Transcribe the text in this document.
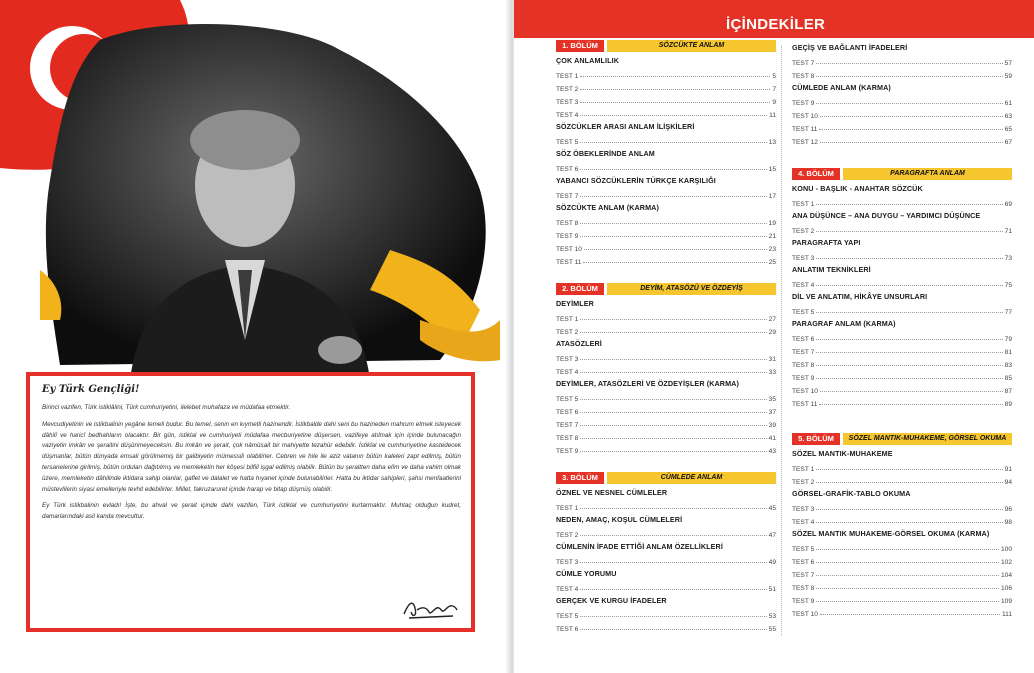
Ey Türk Gençliği!

Birinci vazifen, Türk istiklâlini, Türk cumhuriyetini, ilelebet muhafaza ve müdafaa etmektir.

Mevcudiyetinin ve istikbalinin yegâne temeli budur. Bu temel, senin en kıymetli hazinendir. İstikbalde dahi seni bu hazineden mahrum etmek isteyecek dâhilî ve haricî bedhahların olacaktır. Bir gün, istiklal ve cumhuriyeti müdafaa mecburiyetine düşersen, vazifeye atılmak için içinde bulunacağın vaziyetin imkân ve şeraitini düşünmeyeceksin. Bu imkân ve şerait, çok nâmüsait bir mahiyette tezahür edebilir. İstiklal ve cumhuriyetine kastedecek düşmanlar, bütün dünyada emsali görülmemiş bir galibiyetin mümessili olabilirler. Cebren ve hile ile aziz vatanın bütün kaleleri zapt edilmiş, bütün tersanelerine girilmiş, bütün orduları dağıtılmış ve memleketin her köşesi bilfiil işgal edilmiş olabilir. Bütün bu şeraitten daha elîm ve daha vahim olmak üzere, memleketin dâhilinde iktidara sahip olanlar, gaflet ve dalalet ve hatta hıyanet içinde bulunabilirler. Hatta bu iktidar sahipleri, şahsi menfaatlerini müstevlilerin siyasi emelleriyle tevhit edebilirler. Millet, fakruzaruret içinde harap ve bitap düşmüş olabilir.

Ey Türk istikbalinin evladı! İşte, bu ahval ve şerait içinde dahi vazifen, Türk istiklal ve cumhuriyetini kurtarmaktır. Muhtaç olduğun kudret, damarlarındaki asil kanda mevcuttur.

İÇİNDEKİLER
1. BÖLÜM	SÖZCÜKTE ANLAM
ÇOK ANLAMLILIK
TEST 1	5
TEST 2	7
TEST 3	9
TEST 4	11
SÖZCÜKLER ARASI ANLAM İLİŞKİLERİ
TEST 5	13
SÖZ ÖBEKLERİNDE ANLAM
TEST 6	15
YABANCI SÖZCÜKLERİN TÜRKÇE KARŞILIĞI
TEST 7	17
SÖZCÜKTE ANLAM (KARMA)
TEST 8	19
TEST 9	21
TEST 10	23
TEST 11	25
2. BÖLÜM	DEYİM, ATASÖZÜ VE ÖZDEYİŞ
DEYİMLER
TEST 1	27
TEST 2	29
ATASÖZLERİ
TEST 3	31
TEST 4	33
DEYİMLER, ATASÖZLERİ VE ÖZDEYİŞLER (KARMA)
TEST 5	35
TEST 6	37
TEST 7	39
TEST 8	41
TEST 9	43
3. BÖLÜM	CÜMLEDE ANLAM
ÖZNEL VE NESNEL CÜMLELER
TEST 1	45
NEDEN, AMAÇ, KOŞUL CÜMLELERİ
TEST 2	47
CÜMLENİN İFADE ETTİĞİ ANLAM ÖZELLİKLERİ
TEST 3	49
CÜMLE YORUMU
TEST 4	51
GERÇEK VE KURGU İFADELER
TEST 5	53
TEST 6	55
GEÇİŞ VE BAĞLANTI İFADELERİ
TEST 7	57
TEST 8	59
CÜMLEDE ANLAM (KARMA)
TEST 9	61
TEST 10	63
TEST 11	65
TEST 12	67
4. BÖLÜM	PARAGRAFTA ANLAM
KONU - BAŞLIK - ANAHTAR SÖZCÜK
TEST 1	69
ANA DÜŞÜNCE – ANA DUYGU – YARDIMCI DÜŞÜNCE
TEST 2	71
PARAGRAFTA YAPI
TEST 3	73
ANLATIM TEKNİKLERİ
TEST 4	75
DİL VE ANLATIM, HİKÂYE UNSURLARI
TEST 5	77
PARAGRAF ANLAM (KARMA)
TEST 6	79
TEST 7	81
TEST 8	83
TEST 9	85
TEST 10	87
TEST 11	89
5. BÖLÜM	SÖZEL MANTIK-MUHAKEME, GÖRSEL OKUMA
SÖZEL MANTIK-MUHAKEME
TEST 1	91
TEST 2	94
GÖRSEL-GRAFİK-TABLO OKUMA
TEST 3	96
TEST 4	98
SÖZEL MANTIK MUHAKEME-GÖRSEL OKUMA (KARMA)
TEST 5	100
TEST 6	102
TEST 7	104
TEST 8	106
TEST 9	109
TEST 10	111
